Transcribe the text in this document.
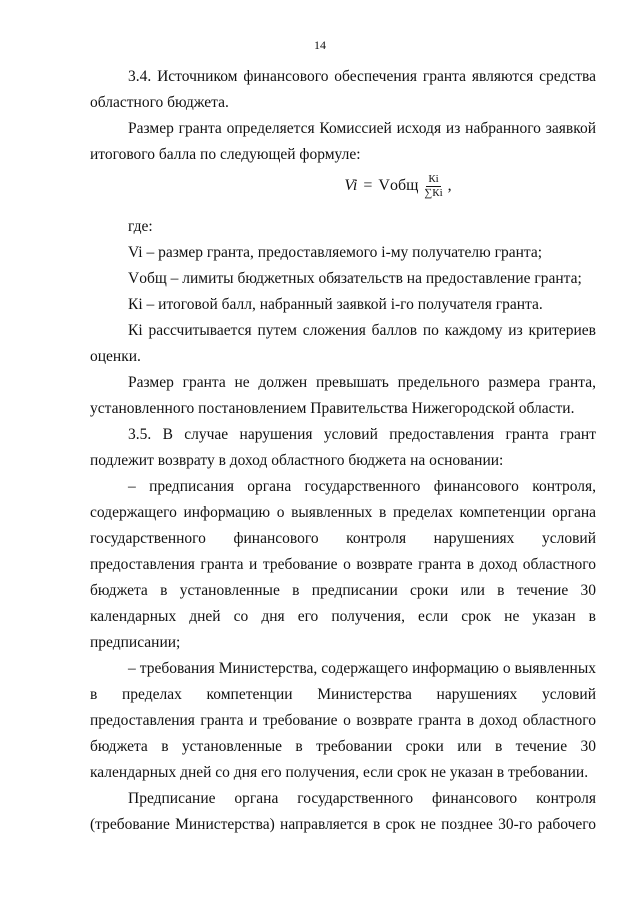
14

3.4. Источником финансового обеспечения гранта являются средства областного бюджета.

Размер гранта определяется Комиссией исходя из набранного заявкой итогового балла по следующей формуле:

Vi = Vобщ $\frac{Кi}{\sum Кi}$ ,

где:

Vi – размер гранта, предоставляемого i-му получателю гранта;

Vобщ – лимиты бюджетных обязательств на предоставление гранта;

Кi – итоговой балл, набранный заявкой i-го получателя гранта.

Кi рассчитывается путем сложения баллов по каждому из критериев оценки.

Размер гранта не должен превышать предельного размера гранта, установленного постановлением Правительства Нижегородской области.

3.5. В случае нарушения условий предоставления гранта грант подлежит возврату в доход областного бюджета на основании:

– предписания органа государственного финансового контроля, содержащего информацию о выявленных в пределах компетенции органа государственного финансового контроля нарушениях условий предоставления гранта и требование о возврате гранта в доход областного бюджета в установленные в предписании сроки или в течение 30 календарных дней со дня его получения, если срок не указан в предписании;

– требования Министерства, содержащего информацию о выявленных в пределах компетенции Министерства нарушениях условий предоставления гранта и требование о возврате гранта в доход областного бюджета в установленные в требовании сроки или в течение 30 календарных дней со дня его получения, если срок не указан в требовании.

Предписание органа государственного финансового контроля (требование Министерства) направляется в срок не позднее 30-го рабочего
